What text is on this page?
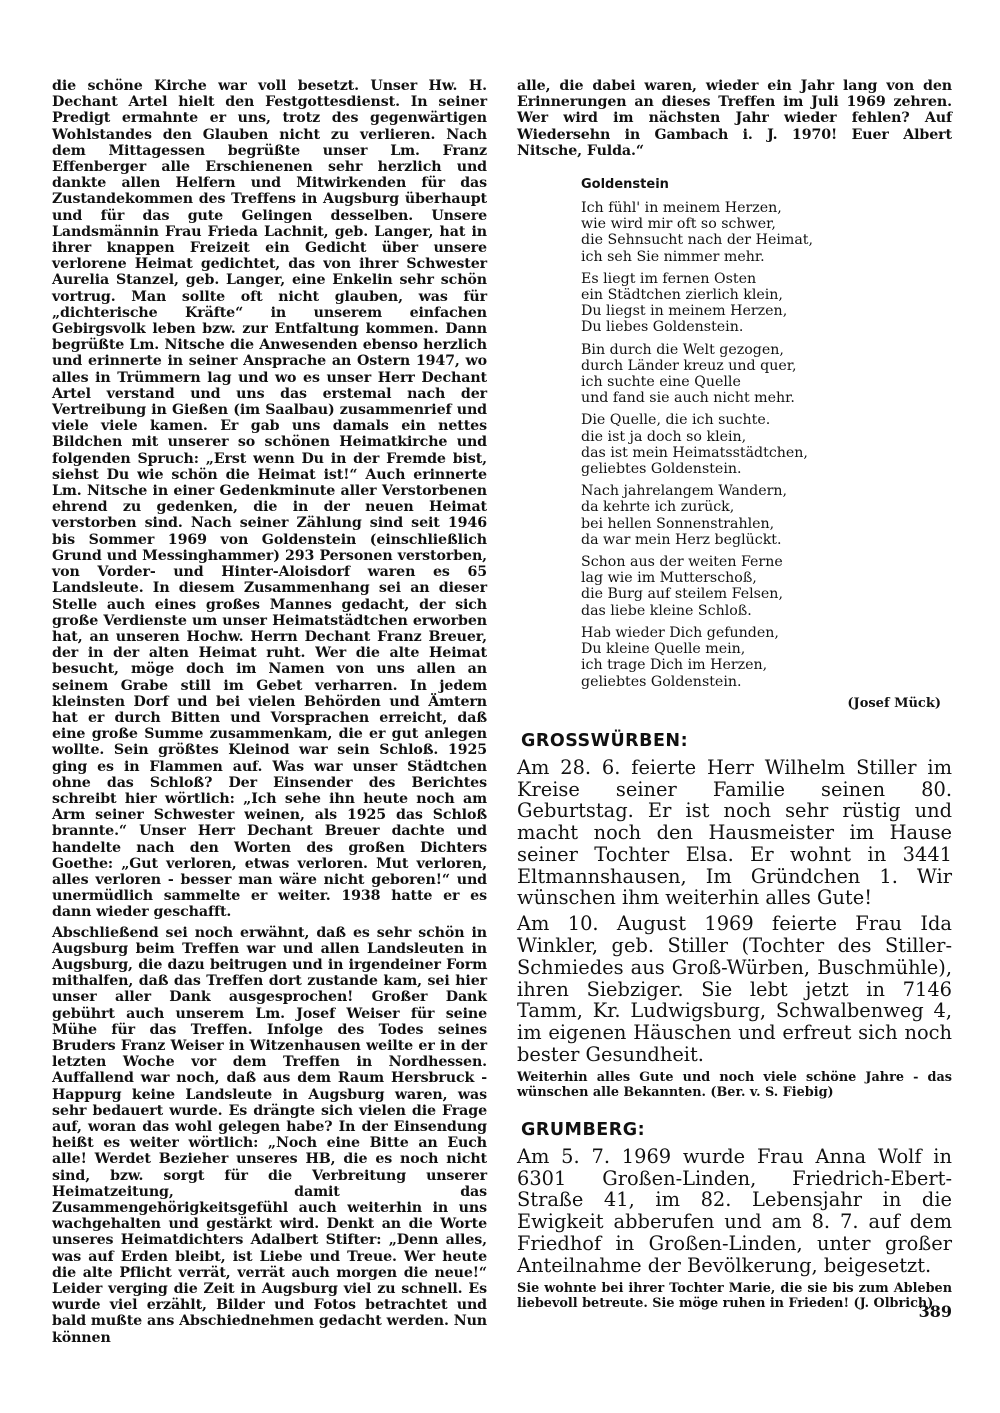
die schöne Kirche war voll besetzt. Unser Hw. H. Dechant Artel hielt den Festgottesdienst. In seiner Predigt ermahnte er uns, trotz des gegenwärtigen Wohlstandes den Glauben nicht zu verlieren. Nach dem Mittagessen begrüßte unser Lm. Franz Effenberger alle Erschienenen sehr herzlich und dankte allen Helfern und Mitwirkenden für das Zustandekommen des Treffens in Augsburg überhaupt und für das gute Gelingen desselben. Unsere Landsmännin Frau Frieda Lachnit, geb. Langer, hat in ihrer knappen Freizeit ein Gedicht über unsere verlorene Heimat gedichtet, das von ihrer Schwester Aurelia Stanzel, geb. Langer, eine Enkelin sehr schön vortrug. Man sollte oft nicht glauben, was für „dichterische Kräfte“ in unserem einfachen Gebirgsvolk leben bzw. zur Entfaltung kommen. Dann begrüßte Lm. Nitsche die Anwesenden ebenso herzlich und erinnerte in seiner Ansprache an Ostern 1947, wo alles in Trümmern lag und wo es unser Herr Dechant Artel verstand und uns das erstemal nach der Vertreibung in Gießen (im Saalbau) zusammenrief und viele viele kamen. Er gab uns damals ein nettes Bildchen mit unserer so schönen Heimatkirche und folgenden Spruch: „Erst wenn Du in der Fremde bist, siehst Du wie schön die Heimat ist!“ Auch erinnerte Lm. Nitsche in einer Gedenkminute aller Verstorbenen ehrend zu gedenken, die in der neuen Heimat verstorben sind. Nach seiner Zählung sind seit 1946 bis Sommer 1969 von Goldenstein (einschließlich Grund und Messinghammer) 293 Personen verstorben, von Vorder- und Hinter-Aloisdorf waren es 65 Landsleute. In diesem Zusammenhang sei an dieser Stelle auch eines großes Mannes gedacht, der sich große Verdienste um unser Heimatstädtchen erworben hat, an unseren Hochw. Herrn Dechant Franz Breuer, der in der alten Heimat ruht. Wer die alte Heimat besucht, möge doch im Namen von uns allen an seinem Grabe still im Gebet verharren. In jedem kleinsten Dorf und bei vielen Behörden und Ämtern hat er durch Bitten und Vorsprachen erreicht, daß eine große Summe zusammenkam, die er gut anlegen wollte. Sein größtes Kleinod war sein Schloß. 1925 ging es in Flammen auf. Was war unser Städtchen ohne das Schloß? Der Einsender des Berichtes schreibt hier wörtlich: „Ich sehe ihn heute noch am Arm seiner Schwester weinen, als 1925 das Schloß brannte.“ Unser Herr Dechant Breuer dachte und handelte nach den Worten des großen Dichters Goethe: „Gut verloren, etwas verloren. Mut verloren, alles verloren - besser man wäre nicht geboren!“ und unermüdlich sammelte er weiter. 1938 hatte er es dann wieder geschafft.

Abschließend sei noch erwähnt, daß es sehr schön in Augsburg beim Treffen war und allen Landsleuten in Augsburg, die dazu beitrugen und in irgendeiner Form mithalfen, daß das Treffen dort zustande kam, sei hier unser aller Dank ausgesprochen! Großer Dank gebührt auch unserem Lm. Josef Weiser für seine Mühe für das Treffen. Infolge des Todes seines Bruders Franz Weiser in Witzenhausen weilte er in der letzten Woche vor dem Treffen in Nordhessen. Auffallend war noch, daß aus dem Raum Hersbruck - Happurg keine Landsleute in Augsburg waren, was sehr bedauert wurde. Es drängte sich vielen die Frage auf, woran das wohl gelegen habe? In der Einsendung heißt es weiter wörtlich: „Noch eine Bitte an Euch alle! Werdet Bezieher unseres HB, die es noch nicht sind, bzw. sorgt für die Verbreitung unserer Heimatzeitung, damit das Zusammengehörigkeitsgefühl auch weiterhin in uns wachgehalten und gestärkt wird. Denkt an die Worte unseres Heimatdichters Adalbert Stifter: „Denn alles, was auf Erden bleibt, ist Liebe und Treue. Wer heute die alte Pflicht verrät, verrät auch morgen die neue!“ Leider verging die Zeit in Augsburg viel zu schnell. Es wurde viel erzählt, Bilder und Fotos betrachtet und bald mußte ans Abschiednehmen gedacht werden. Nun können

alle, die dabei waren, wieder ein Jahr lang von den Erinnerungen an dieses Treffen im Juli 1969 zehren. Wer wird im nächsten Jahr wieder fehlen? Auf Wiedersehn in Gambach i. J. 1970! Euer Albert Nitsche, Fulda.“

Goldenstein

Ich fühl' in meinem Herzen,
wie wird mir oft so schwer,
die Sehnsucht nach der Heimat,
ich seh Sie nimmer mehr.

Es liegt im fernen Osten
ein Städtchen zierlich klein,
Du liegst in meinem Herzen,
Du liebes Goldenstein.

Bin durch die Welt gezogen,
durch Länder kreuz und quer,
ich suchte eine Quelle
und fand sie auch nicht mehr.

Die Quelle, die ich suchte.
die ist ja doch so klein,
das ist mein Heimatsstädtchen,
geliebtes Goldenstein.

Nach jahrelangem Wandern,
da kehrte ich zurück,
bei hellen Sonnenstrahlen,
da war mein Herz beglückt.

Schon aus der weiten Ferne
lag wie im Mutterschoß,
die Burg auf steilem Felsen,
das liebe kleine Schloß.

Hab wieder Dich gefunden,
Du kleine Quelle mein,
ich trage Dich im Herzen,
geliebtes Goldenstein.

(Josef Mück)
GROSSWÜRBEN:

Am 28. 6. feierte Herr Wilhelm Stiller im Kreise seiner Familie seinen 80. Geburtstag. Er ist noch sehr rüstig und macht noch den Hausmeister im Hause seiner Tochter Elsa. Er wohnt in 3441 Eltmannshausen, Im Gründchen 1. Wir wünschen ihm weiterhin alles Gute!

Am 10. August 1969 feierte Frau Ida Winkler, geb. Stiller (Tochter des Stiller-Schmiedes aus Groß-Würben, Buschmühle), ihren Siebziger. Sie lebt jetzt in 7146 Tamm, Kr. Ludwigsburg, Schwalbenweg 4, im eigenen Häuschen und erfreut sich noch bester Gesundheit.

Weiterhin alles Gute und noch viele schöne Jahre - das wünschen alle Bekannten. (Ber. v. S. Fiebig)

GRUMBERG:

Am 5. 7. 1969 wurde Frau Anna Wolf in 6301 Großen-Linden, Friedrich-Ebert-Straße 41, im 82. Lebensjahr in die Ewigkeit abberufen und am 8. 7. auf dem Friedhof in Großen-Linden, unter großer Anteilnahme der Bevölkerung, beigesetzt.

Sie wohnte bei ihrer Tochter Marie, die sie bis zum Ableben liebevoll betreute. Sie möge ruhen in Frieden! (J. Olbrich)

389
